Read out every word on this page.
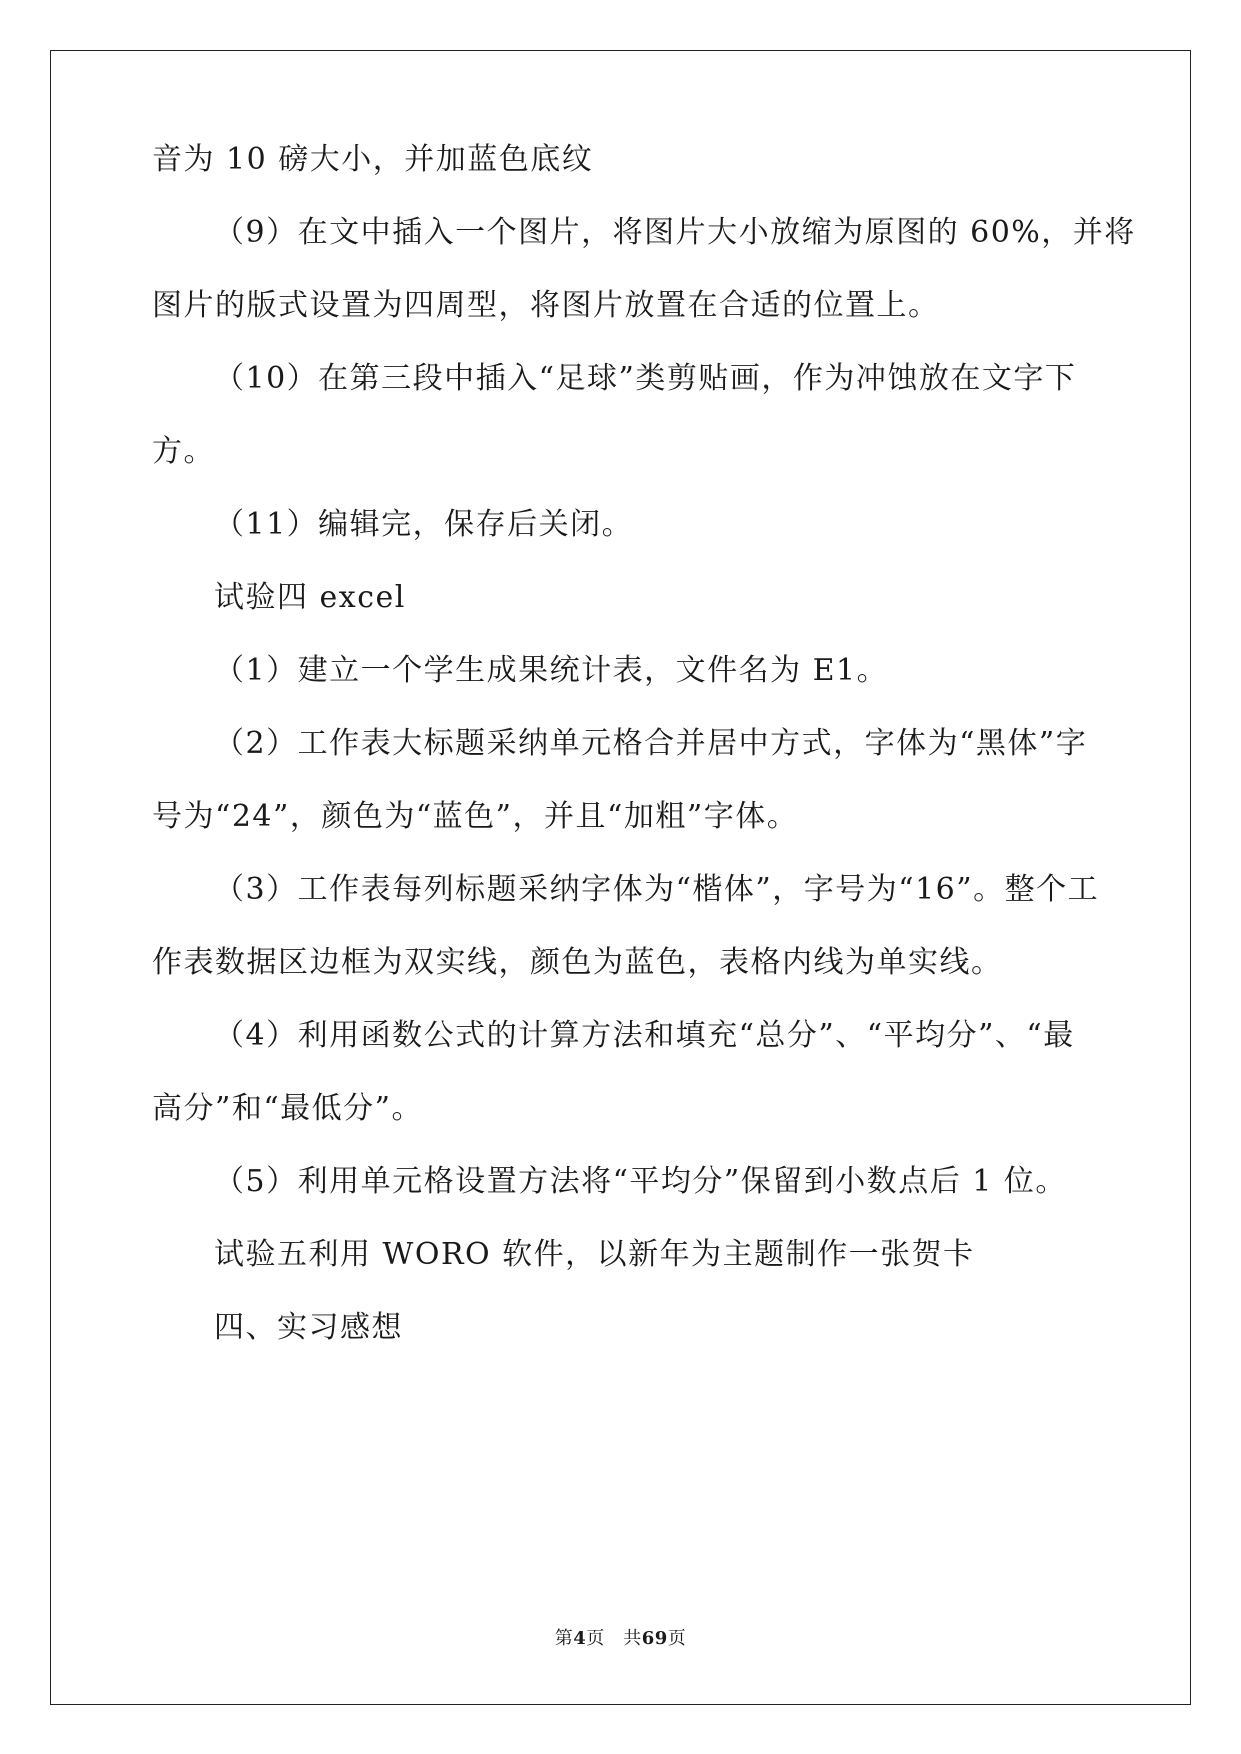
音为 10 磅大小，并加蓝色底纹
（9）在文中插入一个图片，将图片大小放缩为原图的 60%，并将
图片的版式设置为四周型，将图片放置在合适的位置上。
（10）在第三段中插入“足球”类剪贴画，作为冲蚀放在文字下
方。
（11）编辑完，保存后关闭。
试验四 excel
（1）建立一个学生成果统计表，文件名为 E1。
（2）工作表大标题采纳单元格合并居中方式，字体为“黑体”字
号为“24”，颜色为“蓝色”，并且“加粗”字体。
（3）工作表每列标题采纳字体为“楷体”，字号为“16”。整个工
作表数据区边框为双实线，颜色为蓝色，表格内线为单实线。
（4）利用函数公式的计算方法和填充“总分”、“平均分”、“最
高分”和“最低分”。
（5）利用单元格设置方法将“平均分”保留到小数点后 1 位。
试验五利用 WORO 软件，以新年为主题制作一张贺卡
四、实习感想
第4页　共69页
